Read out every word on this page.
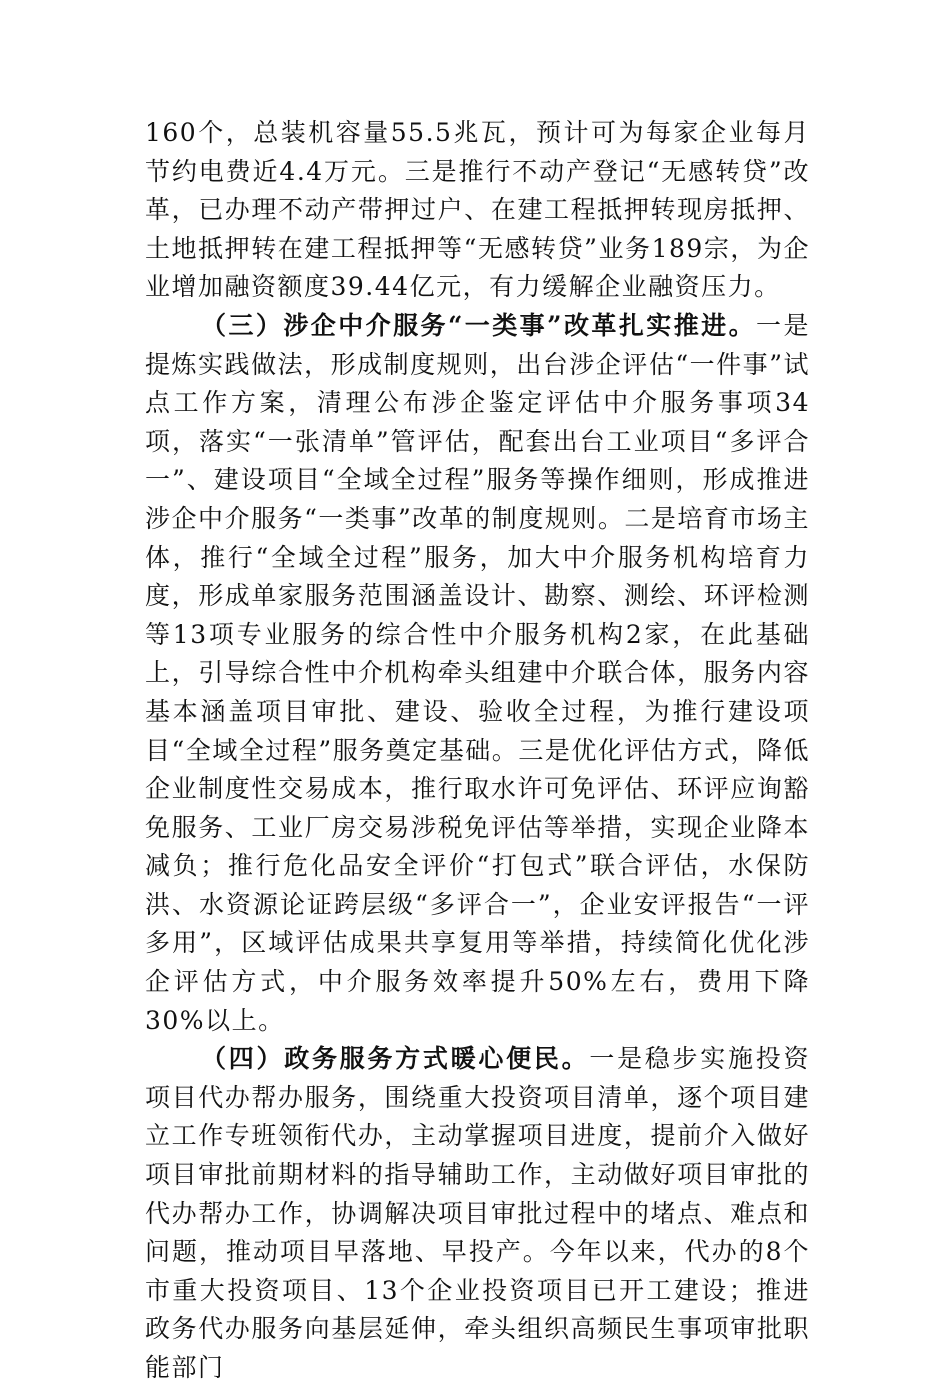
160个，总装机容量55.5兆瓦，预计可为每家企业每月节约电费近4.4万元。三是推行不动产登记“无感转贷”改革，已办理不动产带押过户、在建工程抵押转现房抵押、土地抵押转在建工程抵押等“无感转贷”业务189宗，为企业增加融资额度39.44亿元，有力缓解企业融资压力。

（三）涉企中介服务“一类事”改革扎实推进。一是提炼实践做法，形成制度规则，出台涉企评估“一件事”试点工作方案，清理公布涉企鉴定评估中介服务事项34项，落实“一张清单”管评估，配套出台工业项目“多评合一”、建设项目“全域全过程”服务等操作细则，形成推进涉企中介服务“一类事”改革的制度规则。二是培育市场主体，推行“全域全过程”服务，加大中介服务机构培育力度，形成单家服务范围涵盖设计、勘察、测绘、环评检测等13项专业服务的综合性中介服务机构2家，在此基础上，引导综合性中介机构牵头组建中介联合体，服务内容基本涵盖项目审批、建设、验收全过程，为推行建设项目“全域全过程”服务奠定基础。三是优化评估方式，降低企业制度性交易成本，推行取水许可免评估、环评应询豁免服务、工业厂房交易涉税免评估等举措，实现企业降本减负；推行危化品安全评价“打包式”联合评估，水保防洪、水资源论证跨层级“多评合一”，企业安评报告“一评多用”，区域评估成果共享复用等举措，持续简化优化涉企评估方式，中介服务效率提升50%左右，费用下降30%以上。

（四）政务服务方式暖心便民。一是稳步实施投资项目代办帮办服务，围绕重大投资项目清单，逐个项目建立工作专班领衔代办，主动掌握项目进度，提前介入做好项目审批前期材料的指导辅助工作，主动做好项目审批的代办帮办工作，协调解决项目审批过程中的堵点、难点和问题，推动项目早落地、早投产。今年以来，代办的8个市重大投资项目、13个企业投资项目已开工建设；推进政务代办服务向基层延伸，牵头组织高频民生事项审批职能部门
